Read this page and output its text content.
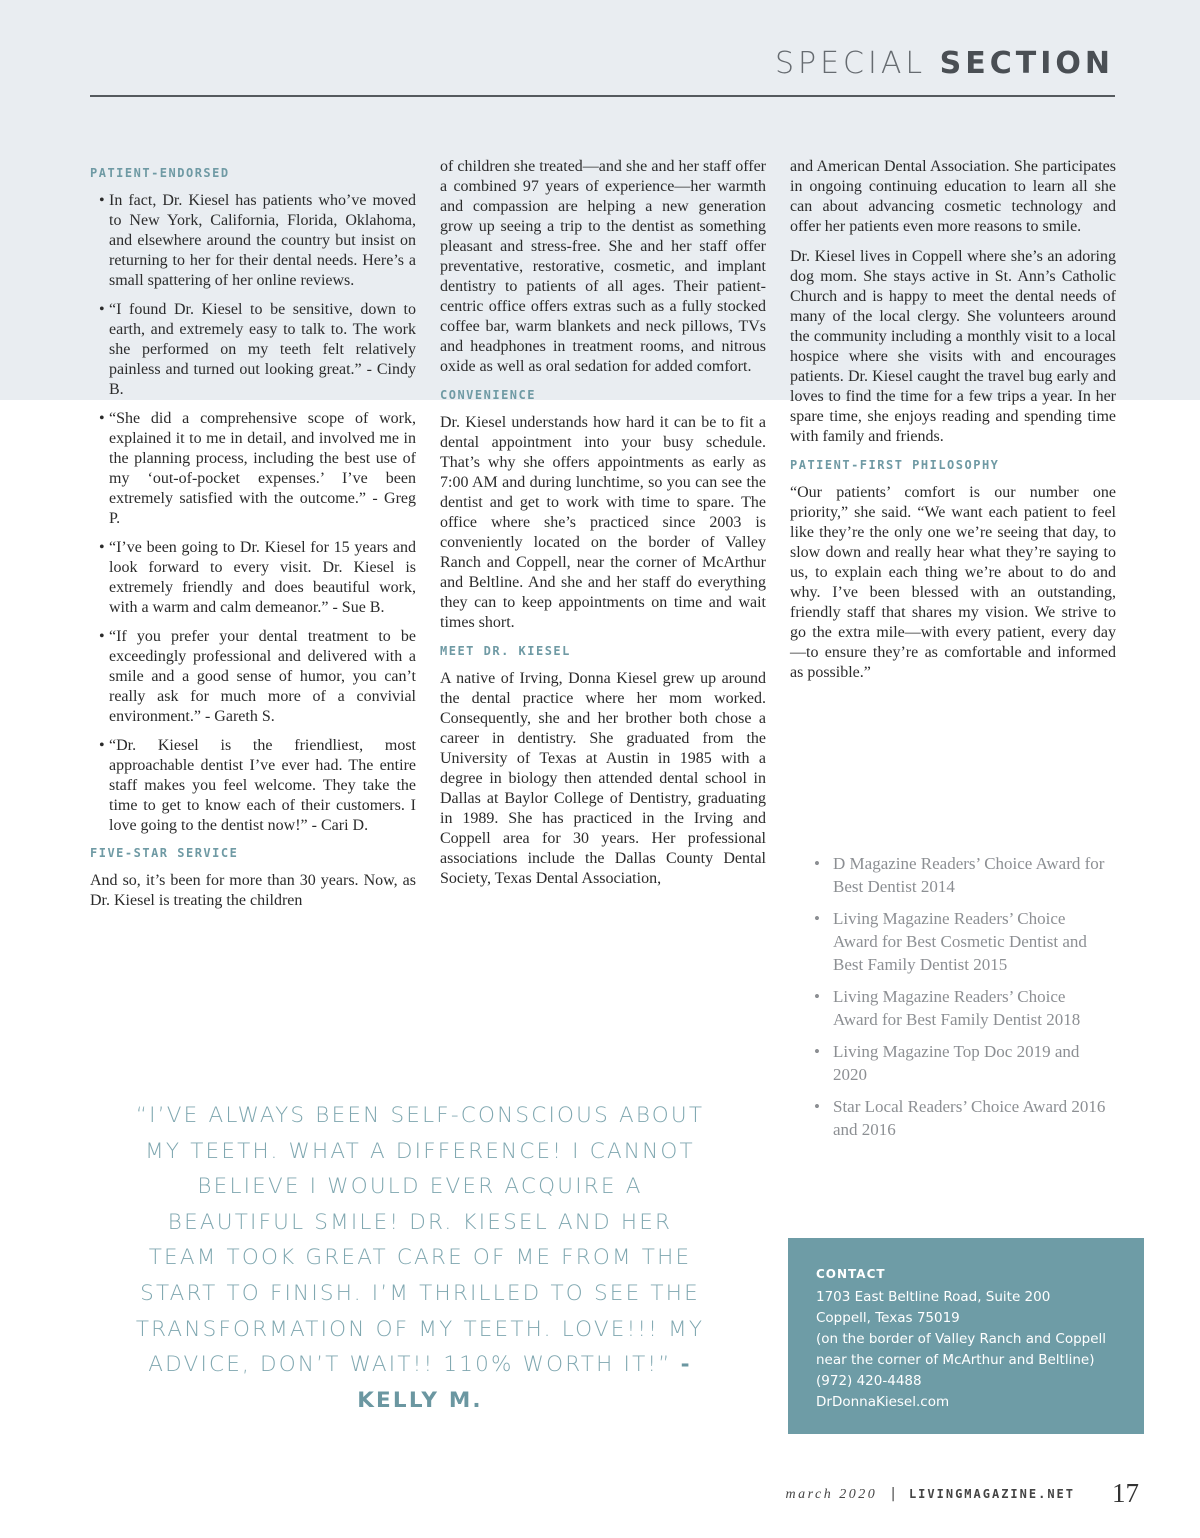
SPECIAL SECTION
PATIENT-ENDORSED
• In fact, Dr. Kiesel has patients who’ve moved to New York, California, Florida, Oklahoma, and elsewhere around the country but insist on returning to her for their dental needs. Here’s a small spattering of her online reviews.
• “I found Dr. Kiesel to be sensitive, down to earth, and extremely easy to talk to. The work she performed on my teeth felt relatively painless and turned out looking great.” - Cindy B.
• “She did a comprehensive scope of work, explained it to me in detail, and involved me in the planning process, including the best use of my ‘out-of-pocket expenses.’ I’ve been extremely satisfied with the outcome.” - Greg P.
• “I’ve been going to Dr. Kiesel for 15 years and look forward to every visit. Dr. Kiesel is extremely friendly and does beautiful work, with a warm and calm demeanor.” - Sue B.
• “If you prefer your dental treatment to be exceedingly professional and delivered with a smile and a good sense of humor, you can’t really ask for much more of a convivial environment.” - Gareth S.
• “Dr. Kiesel is the friendliest, most approachable dentist I’ve ever had. The entire staff makes you feel welcome. They take the time to get to know each of their customers. I love going to the dentist now!” - Cari D.
FIVE-STAR SERVICE

And so, it’s been for more than 30 years. Now, as Dr. Kiesel is treating the children

of children she treated—and she and her staff offer a combined 97 years of experience—her warmth and compassion are helping a new generation grow up seeing a trip to the dentist as something pleasant and stress-free. She and her staff offer preventative, restorative, cosmetic, and implant dentistry to patients of all ages. Their patient-centric office offers extras such as a fully stocked coffee bar, warm blankets and neck pillows, TVs and headphones in treatment rooms, and nitrous oxide as well as oral sedation for added comfort.

CONVENIENCE

Dr. Kiesel understands how hard it can be to fit a dental appointment into your busy schedule. That’s why she offers appointments as early as 7:00 AM and during lunchtime, so you can see the dentist and get to work with time to spare. The office where she’s practiced since 2003 is conveniently located on the border of Valley Ranch and Coppell, near the corner of McArthur and Beltline. And she and her staff do everything they can to keep appointments on time and wait times short.

MEET DR. KIESEL

A native of Irving, Donna Kiesel grew up around the dental practice where her mom worked. Consequently, she and her brother both chose a career in dentistry. She graduated from the University of Texas at Austin in 1985 with a degree in biology then attended dental school in Dallas at Baylor College of Dentistry, graduating in 1989. She has practiced in the Irving and Coppell area for 30 years. Her professional associations include the Dallas County Dental Society, Texas Dental Association,

and American Dental Association. She participates in ongoing continuing education to learn all she can about advancing cosmetic technology and offer her patients even more reasons to smile.

Dr. Kiesel lives in Coppell where she’s an adoring dog mom. She stays active in St. Ann’s Catholic Church and is happy to meet the dental needs of many of the local clergy. She volunteers around the community including a monthly visit to a local hospice where she visits with and encourages patients. Dr. Kiesel caught the travel bug early and loves to find the time for a few trips a year. In her spare time, she enjoys reading and spending time with family and friends.

PATIENT-FIRST PHILOSOPHY

“Our patients’ comfort is our number one priority,” she said. “We want each patient to feel like they’re the only one we’re seeing that day, to slow down and really hear what they’re saying to us, to explain each thing we’re about to do and why. I’ve been blessed with an outstanding, friendly staff that shares my vision. We strive to go the extra mile—with every patient, every day—to ensure they’re as comfortable and informed as possible.”

• D Magazine Readers’ Choice Award for Best Dentist 2014
• Living Magazine Readers’ Choice Award for Best Cosmetic Dentist and Best Family Dentist 2015
• Living Magazine Readers’ Choice Award for Best Family Dentist 2018
• Living Magazine Top Doc 2019 and 2020
• Star Local Readers’ Choice Award 2016 and 2016
“I’VE ALWAYS BEEN SELF-CONSCIOUS ABOUT MY TEETH. WHAT A DIFFERENCE! I CANNOT BELIEVE I WOULD EVER ACQUIRE A BEAUTIFUL SMILE! DR. KIESEL AND HER TEAM TOOK GREAT CARE OF ME FROM THE START TO FINISH. I’M THRILLED TO SEE THE TRANSFORMATION OF MY TEETH. LOVE!!! MY ADVICE, DON’T WAIT!! 110% WORTH IT!” - KELLY M.
CONTACT
1703 East Beltline Road, Suite 200
Coppell, Texas 75019
(on the border of Valley Ranch and Coppell
near the corner of McArthur and Beltline)
(972) 420-4488
DrDonnaKiesel.com
march 2020 | LIVINGMAGAZINE.NET 17
